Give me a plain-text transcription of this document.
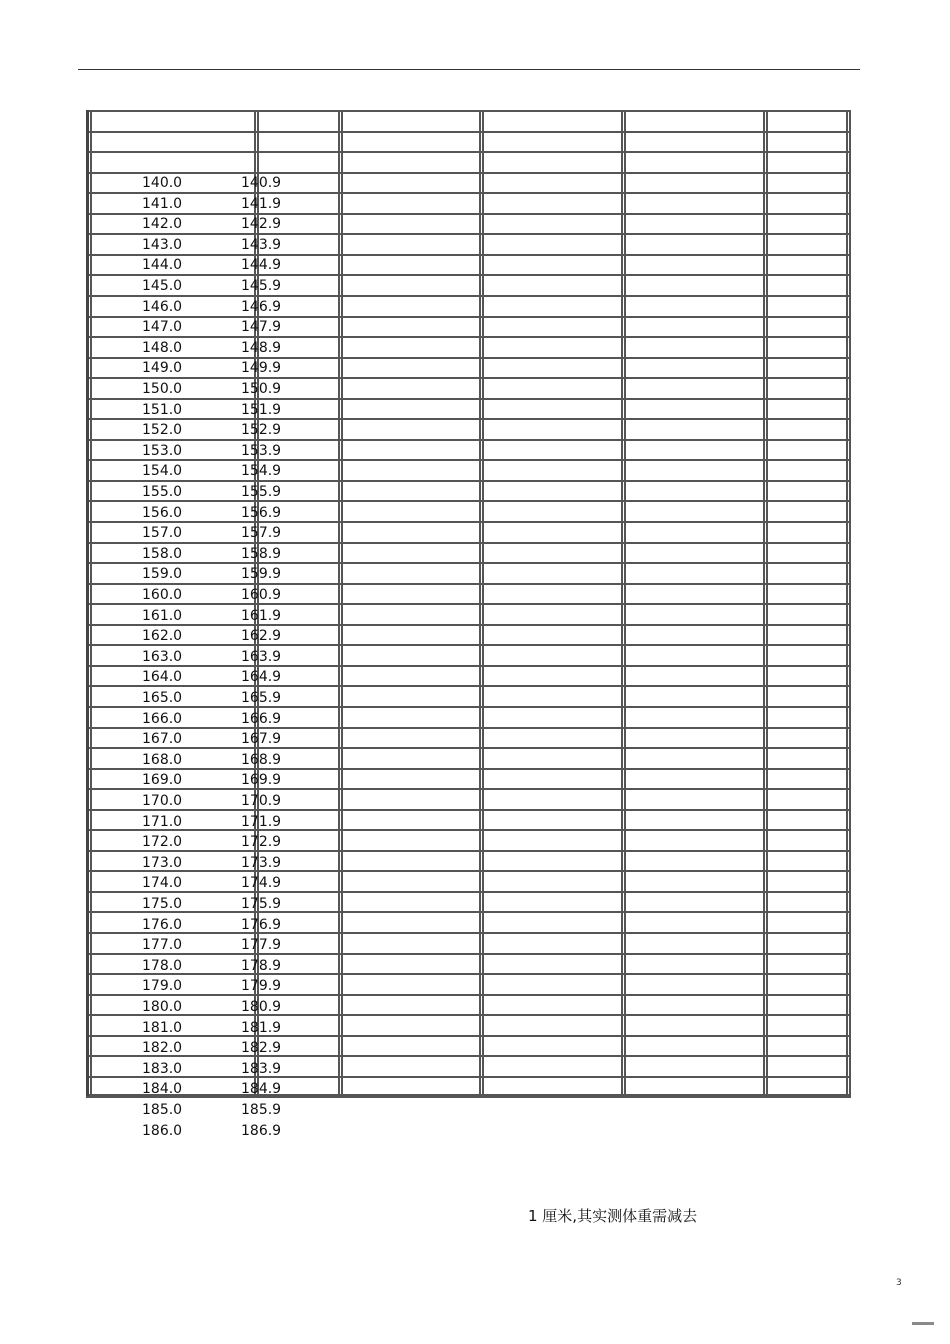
140.0	140.9
141.0	141.9
142.0	142.9
143.0	143.9
144.0	144.9
145.0	145.9
146.0	146.9
147.0	147.9
148.0	148.9
149.0	149.9
150.0	150.9
151.0	151.9
152.0	152.9
153.0	153.9
154.0	154.9
155.0	155.9
156.0	156.9
157.0	157.9
158.0	158.9
159.0	159.9
160.0	160.9
161.0	161.9
162.0	162.9
163.0	163.9
164.0	164.9
165.0	165.9
166.0	166.9
167.0	167.9
168.0	168.9
169.0	169.9
170.0	170.9
171.0	171.9
172.0	172.9
173.0	173.9
174.0	174.9
175.0	175.9
176.0	176.9
177.0	177.9
178.0	178.9
179.0	179.9
180.0	180.9
181.0	181.9
182.0	182.9
183.0	183.9
184.0	184.9
185.0	185.9
186.0	186.9
1 厘米,其实测体重需减去
3
